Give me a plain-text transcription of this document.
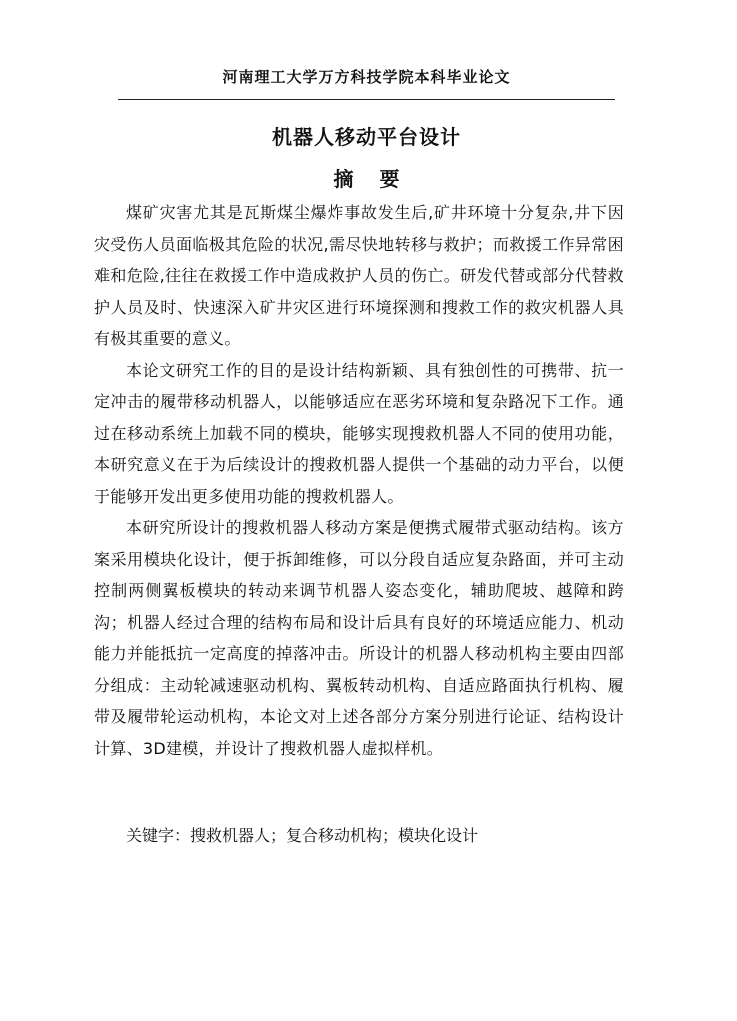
河南理工大学万方科技学院本科毕业论文
机器人移动平台设计
摘要

煤矿灾害尤其是瓦斯煤尘爆炸事故发生后,矿井环境十分复杂,井下因灾受伤人员面临极其危险的状况,需尽快地转移与救护；而救援工作异常困难和危险,往往在救援工作中造成救护人员的伤亡。研发代替或部分代替救护人员及时、快速深入矿井灾区进行环境探测和搜救工作的救灾机器人具有极其重要的意义。

本论文研究工作的目的是设计结构新颖、具有独创性的可携带、抗一定冲击的履带移动机器人，以能够适应在恶劣环境和复杂路况下工作。通过在移动系统上加载不同的模块，能够实现搜救机器人不同的使用功能，本研究意义在于为后续设计的搜救机器人提供一个基础的动力平台，以便于能够开发出更多使用功能的搜救机器人。

本研究所设计的搜救机器人移动方案是便携式履带式驱动结构。该方案采用模块化设计，便于拆卸维修，可以分段自适应复杂路面，并可主动控制两侧翼板模块的转动来调节机器人姿态变化，辅助爬坡、越障和跨沟；机器人经过合理的结构布局和设计后具有良好的环境适应能力、机动能力并能抵抗一定高度的掉落冲击。所设计的机器人移动机构主要由四部分组成：主动轮减速驱动机构、翼板转动机构、自适应路面执行机构、履带及履带轮运动机构，本论文对上述各部分方案分别进行论证、结构设计计算、3D建模，并设计了搜救机器人虚拟样机。

关键字：搜救机器人；复合移动机构；模块化设计
